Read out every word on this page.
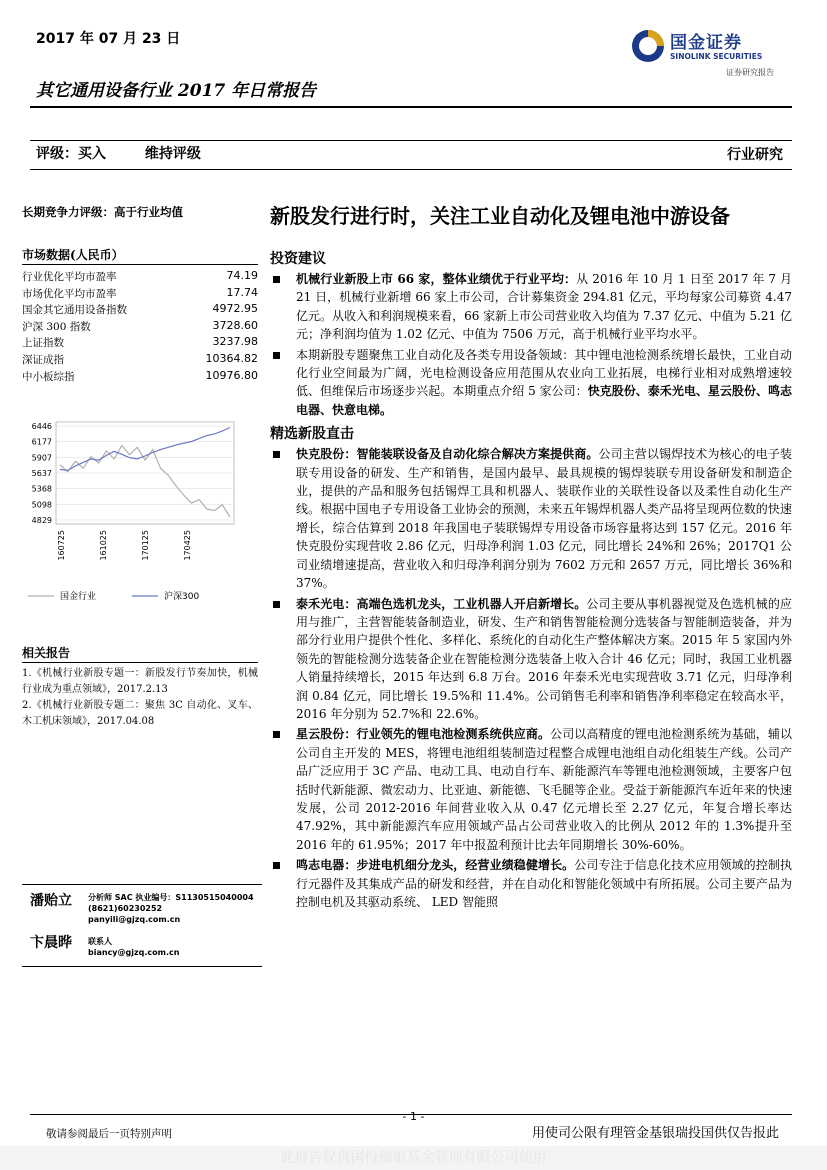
2017 年 07 月 23 日	国金证券
SINOLINK SECURITIES
证券研究报告
其它通用设备行业 2017 年日常报告
评级：买入	维持评级	行业研究
长期竞争力评级：高于行业均值
市场数据(人民币）
行业优化平均市盈率	74.19
市场优化平均市盈率	17.74
国金其它通用设备指数	4972.95
沪深 300 指数	3728.60
上证指数	3237.98
深证成指	10364.82
中小板综指	10976.80
6446
6177
5907
5637
5368
5098
4829
160725	161025	170125	170425
国金行业	沪深300
相关报告
1.《机械行业新股专题一：新股发行节奏加快，机械行业成为重点领域》，2017.2.13
2.《机械行业新股专题二：聚焦 3C 自动化、叉车、木工机床领域》，2017.04.08
潘贻立 分析师 SAC 执业编号：S1130515040004
(8621)60230252
panyili@gjzq.com.cn
卞晨晔 联系人
biancy@gjzq.com.cn
新股发行进行时，关注工业自动化及锂电池中游设备
投资建议
机械行业新股上市 66 家，整体业绩优于行业平均：从 2016 年 10 月 1 日至 2017 年 7 月 21 日，机械行业新增 66 家上市公司，合计募集资金 294.81 亿元，平均每家公司募资 4.47 亿元。从收入和利润规模来看，66 家新上市公司营业收入均值为 7.37 亿元、中值为 5.21 亿元；净利润均值为 1.02 亿元、中值为 7506 万元，高于机械行业平均水平。
本期新股专题聚焦工业自动化及各类专用设备领域：其中锂电池检测系统增长最快，工业自动化行业空间最为广阔，光电检测设备应用范围从农业向工业拓展，电梯行业相对成熟增速较低、但维保后市场逐步兴起。本期重点介绍 5 家公司：快克股份、泰禾光电、星云股份、鸣志电器、快意电梯。
精选新股直击
快克股份：智能装联设备及自动化综合解决方案提供商。公司主营以锡焊技术为核心的电子装联专用设备的研发、生产和销售，是国内最早、最具规模的锡焊装联专用设备研发和制造企业，提供的产品和服务包括锡焊工具和机器人、装联作业的关联性设备以及柔性自动化生产线。根据中国电子专用设备工业协会的预测，未来五年锡焊机器人类产品将呈现两位数的快速增长，综合估算到 2018 年我国电子装联锡焊专用设备市场容量将达到 157 亿元。2016 年快克股份实现营收 2.86 亿元，归母净利润 1.03 亿元，同比增长 24%和 26%；2017Q1 公司业绩增速提高，营业收入和归母净利润分别为 7602 万元和 2657 万元，同比增长 36%和 37%。
泰禾光电：高端色选机龙头，工业机器人开启新增长。公司主要从事机器视觉及色选机械的应用与推广，主营智能装备制造业，研发、生产和销售智能检测分选装备与智能制造装备，并为部分行业用户提供个性化、多样化、系统化的自动化生产整体解决方案。2015 年 5 家国内外领先的智能检测分选装备企业在智能检测分选装备上收入合计 46 亿元；同时，我国工业机器人销量持续增长，2015 年达到 6.8 万台。2016 年泰禾光电实现营收 3.71 亿元，归母净利润 0.84 亿元，同比增长 19.5%和 11.4%。公司销售毛利率和销售净利率稳定在较高水平，2016 年分别为 52.7%和 22.6%。
星云股份：行业领先的锂电池检测系统供应商。公司以高精度的锂电池检测系统为基础，辅以公司自主开发的 MES，将锂电池组组装制造过程整合成锂电池组自动化组装生产线。公司产品广泛应用于 3C 产品、电动工具、电动自行车、新能源汽车等锂电池检测领域，主要客户包括时代新能源、微宏动力、比亚迪、新能德、飞毛腿等企业。受益于新能源汽车近年来的快速发展，公司 2012-2016 年间营业收入从 0.47 亿元增长至 2.27 亿元，年复合增长率达 47.92%，其中新能源汽车应用领域产品占公司营业收入的比例从 2012 年的 1.3%提升至 2016 年的 61.95%；2017 年中报盈利预计比去年同期增长 30%-60%。
鸣志电器：步进电机细分龙头，经营业绩稳健增长。公司专注于信息化技术应用领域的控制执行元器件及其集成产品的研发和经营，并在自动化和智能化领域中有所拓展。公司主要产品为控制电机及其驱动系统、 LED 智能照
- 1 -
敬请参阅最后一页特别声明	用使司公限有理管金基银瑞投国供仅告报此
此报告仅供国投瑞银基金管理有限公司使用
